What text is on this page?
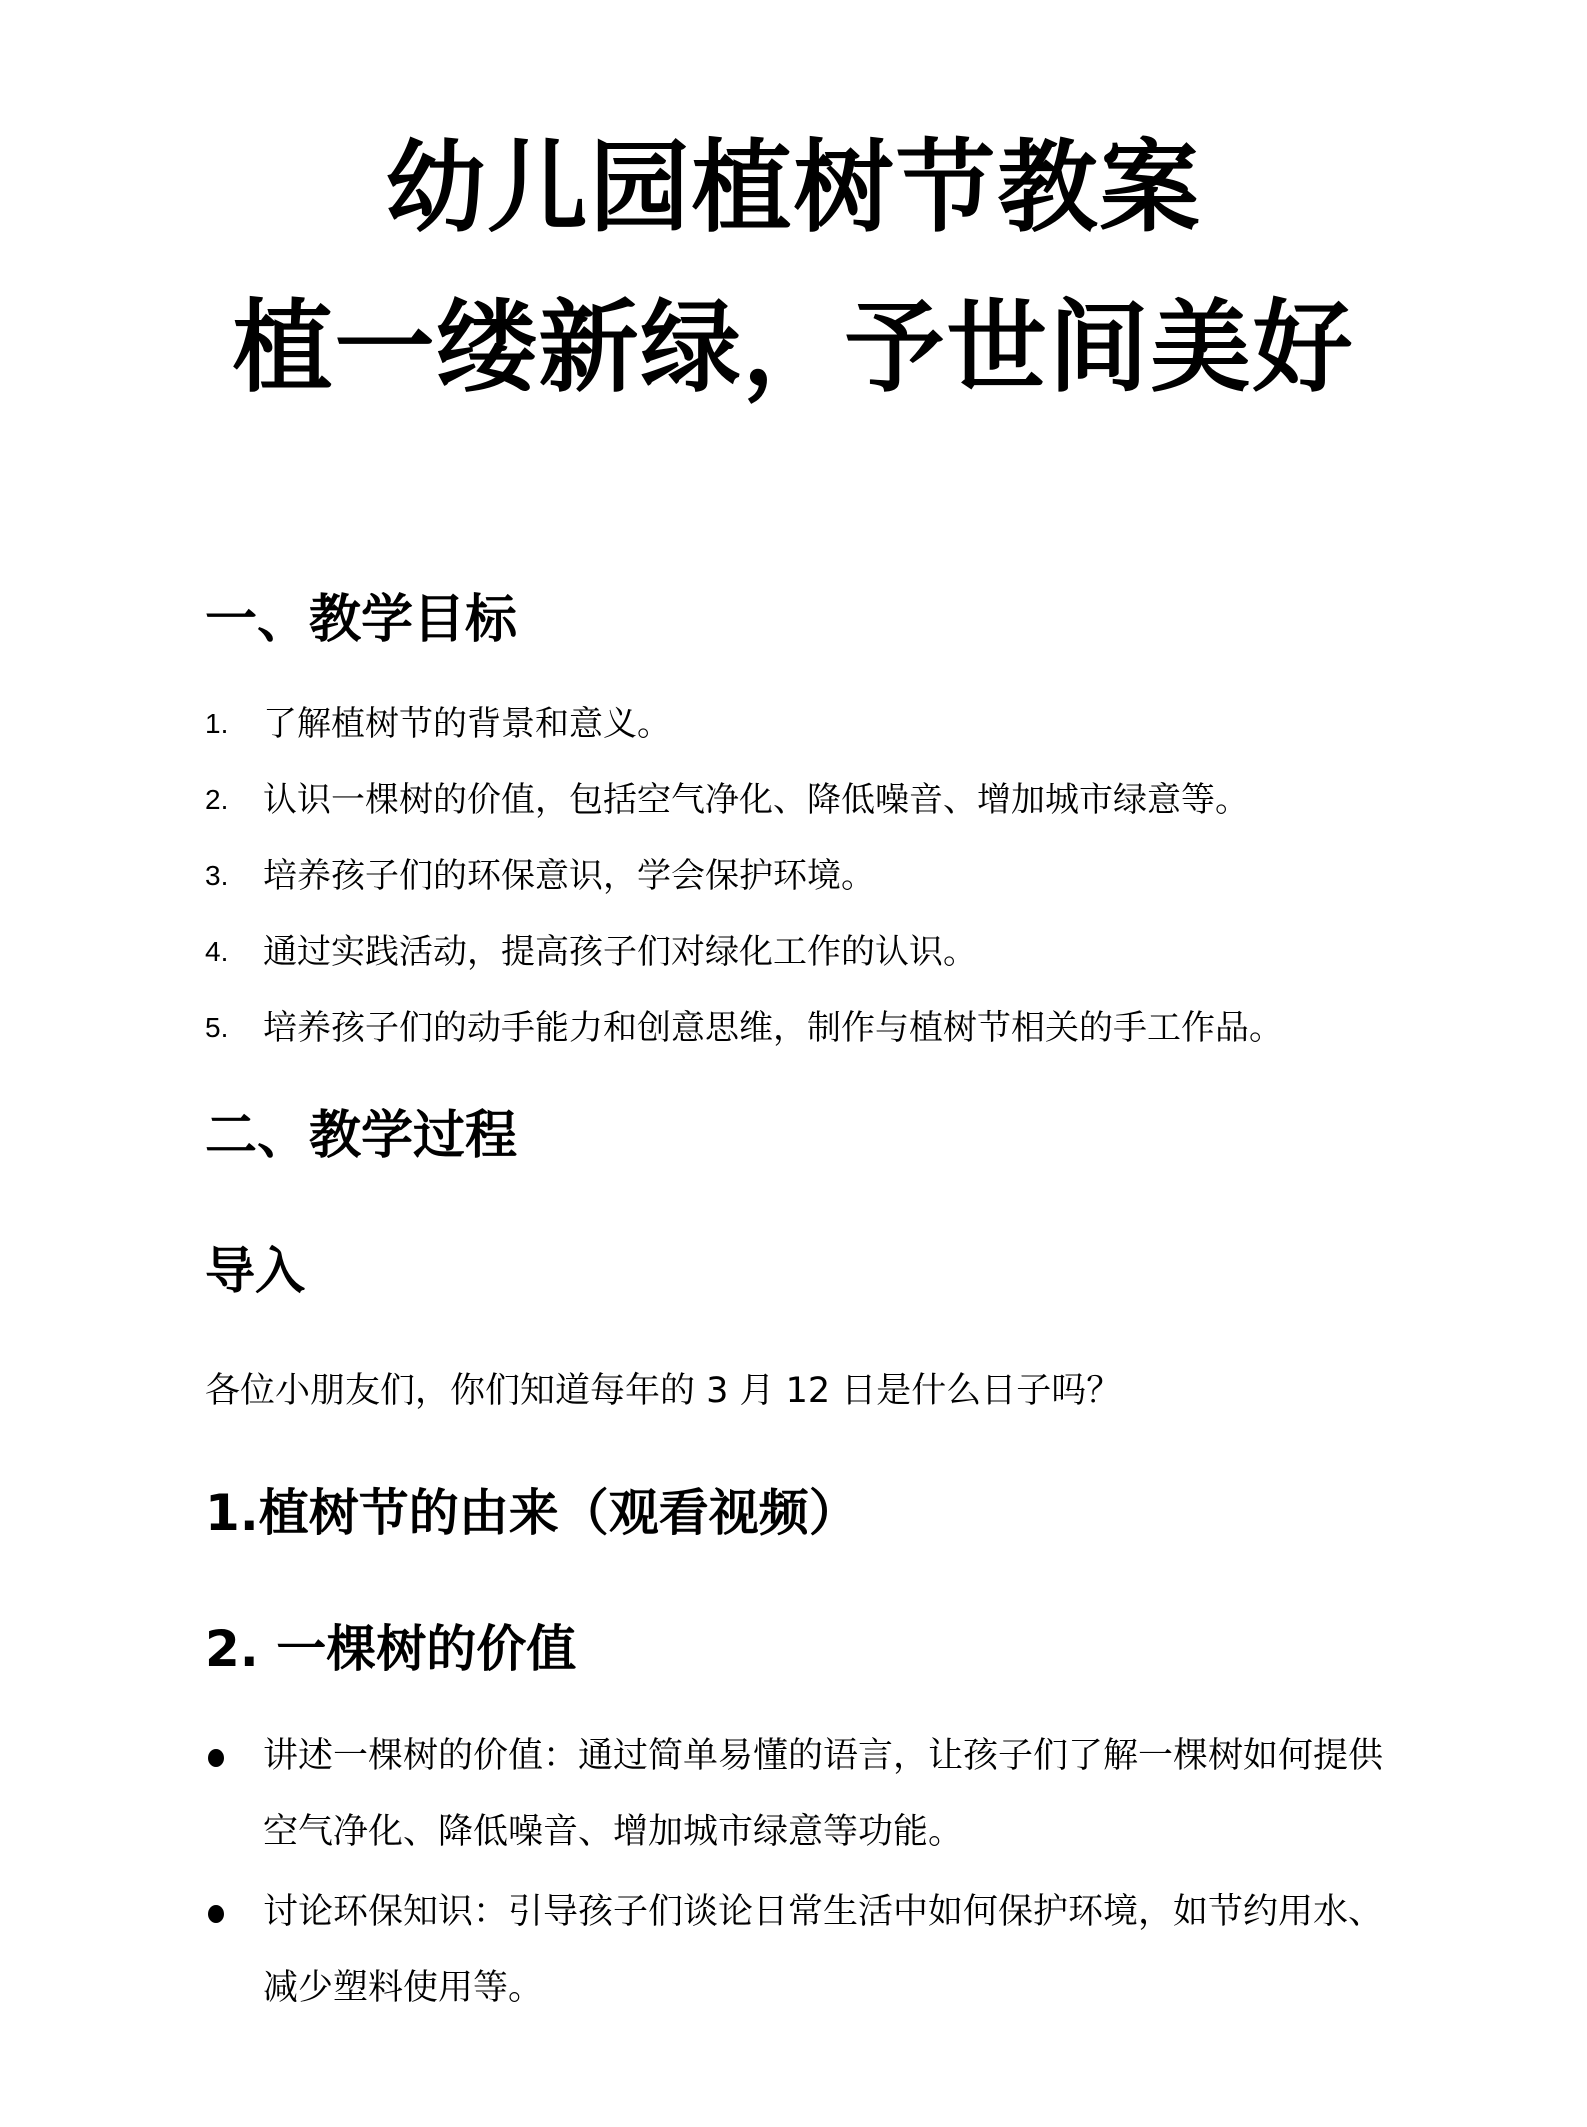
幼儿园植树节教案
植一缕新绿，予世间美好
一、教学目标
1.	了解植树节的背景和意义。
2.	认识一棵树的价值，包括空气净化、降低噪音、增加城市绿意等。
3.	培养孩子们的环保意识，学会保护环境。
4.	通过实践活动，提高孩子们对绿化工作的认识。
5.	培养孩子们的动手能力和创意思维，制作与植树节相关的手工作品。
二、教学过程
导入
各位小朋友们，你们知道每年的 3 月 12 日是什么日子吗？
1.植树节的由来（观看视频）
2. 一棵树的价值
讲述一棵树的价值：通过简单易懂的语言，让孩子们了解一棵树如何提供空气净化、降低噪音、增加城市绿意等功能。
讨论环保知识：引导孩子们谈论日常生活中如何保护环境，如节约用水、减少塑料使用等。
